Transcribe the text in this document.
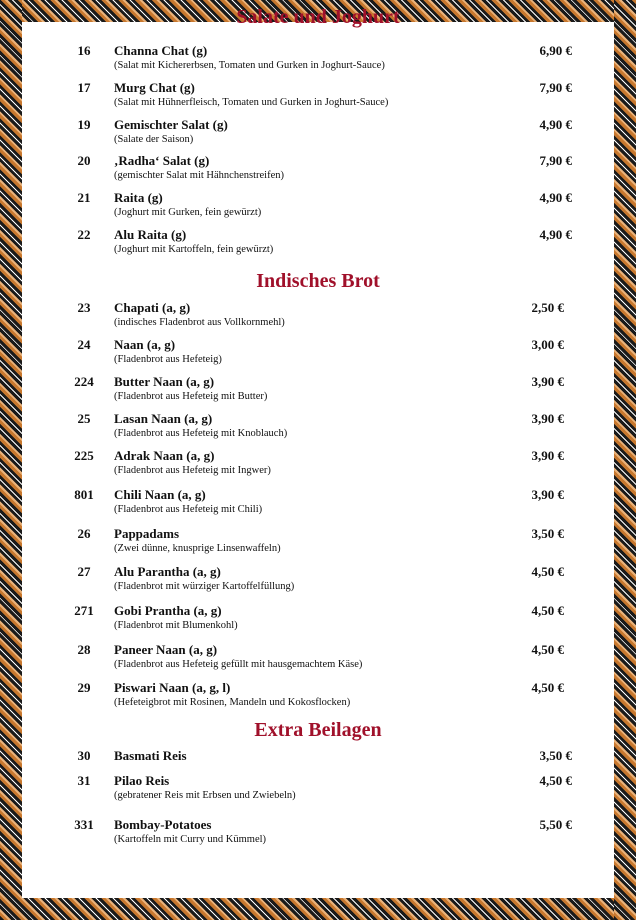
Salate und Joghurt
16	Channa Chat (g)
(Salat mit Kichererbsen, Tomaten und Gurken in Joghurt-Sauce)
6,90 €
17	Murg Chat (g)
(Salat mit Hühnerfleisch, Tomaten und Gurken in Joghurt-Sauce)
7,90 €
19	Gemischter Salat (g)
(Salate der Saison)
4,90 €
20	‚Radha‘ Salat (g)
(gemischter Salat mit Hähnchenstreifen)
7,90 €
21	Raita (g)
(Joghurt mit Gurken, fein gewürzt)
4,90 €
22	Alu Raita (g)
(Joghurt mit Kartoffeln, fein gewürzt)
4,90 €
Indisches Brot
23	Chapati (a, g)
(indisches Fladenbrot aus Vollkornmehl)
2,50 €
24	Naan (a, g)
(Fladenbrot aus Hefeteig)
3,00 €
224	Butter Naan (a, g)
(Fladenbrot aus Hefeteig mit Butter)
3,90 €
25	Lasan Naan (a, g)
(Fladenbrot aus Hefeteig mit Knoblauch)
3,90 €
225	Adrak Naan (a, g)
(Fladenbrot aus Hefeteig mit Ingwer)
3,90 €
801	Chili Naan (a, g)
(Fladenbrot aus Hefeteig mit Chili)
3,90 €
26	Pappadams
(Zwei dünne, knusprige Linsenwaffeln)
3,50 €
27	Alu Parantha (a, g)
(Fladenbrot mit würziger Kartoffelfüllung)
4,50 €
271	Gobi Prantha (a, g)
(Fladenbrot mit Blumenkohl)
4,50 €
28	Paneer Naan (a, g)
(Fladenbrot aus Hefeteig gefüllt mit hausgemachtem Käse)
4,50 €
29	Piswari Naan (a, g, l)
(Hefeteigbrot mit Rosinen, Mandeln und Kokosflocken)
4,50 €
Extra Beilagen
30	Basmati Reis	3,50 €
31	Pilao Reis
(gebratener Reis mit Erbsen und Zwiebeln)
4,50 €
331	Bombay-Potatoes
(Kartoffeln mit Curry und Kümmel)
5,50 €
